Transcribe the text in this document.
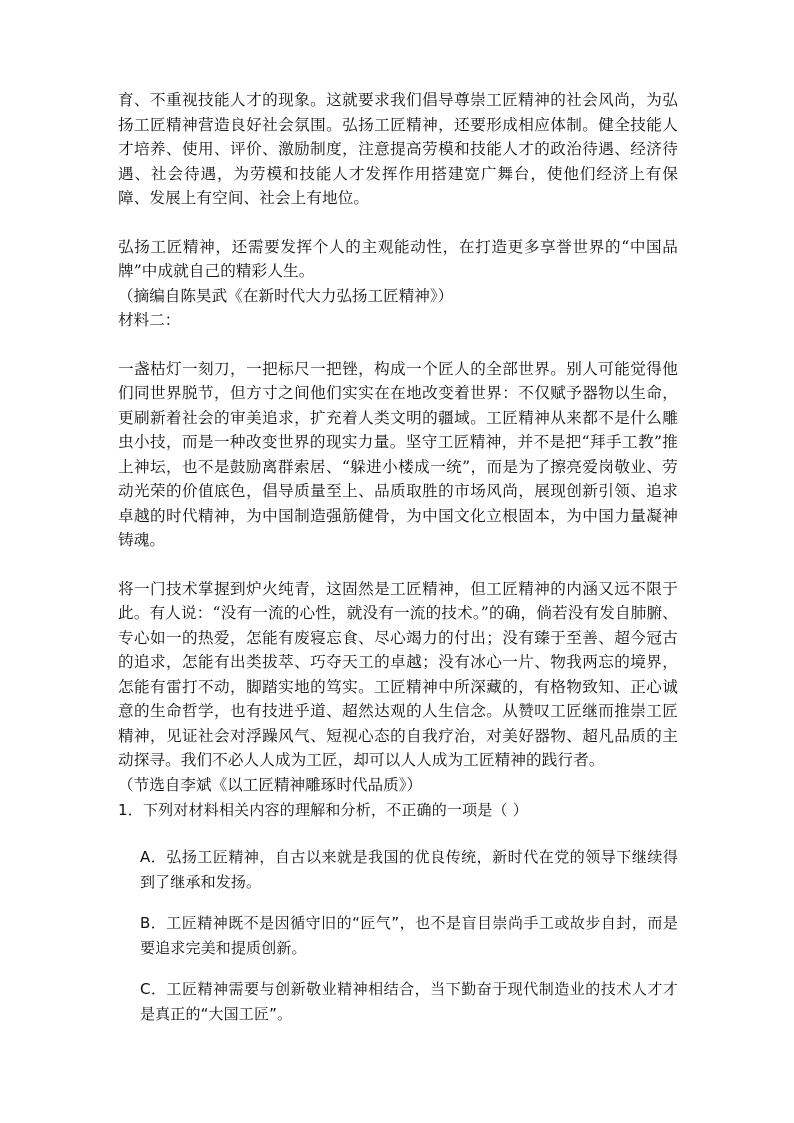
育、不重视技能人才的现象。这就要求我们倡导尊崇工匠精神的社会风尚，为弘扬工匠精神营造良好社会氛围。弘扬工匠精神，还要形成相应体制。健全技能人才培养、使用、评价、激励制度，注意提高劳模和技能人才的政治待遇、经济待遇、社会待遇，为劳模和技能人才发挥作用搭建宽广舞台，使他们经济上有保障、发展上有空间、社会上有地位。

弘扬工匠精神，还需要发挥个人的主观能动性，在打造更多享誉世界的“中国品牌”中成就自己的精彩人生。

（摘编自陈昊武《在新时代大力弘扬工匠精神》）

材料二：

一盏枯灯一刻刀，一把标尺一把锉，构成一个匠人的全部世界。别人可能觉得他们同世界脱节，但方寸之间他们实实在在地改变着世界：不仅赋予器物以生命，更刷新着社会的审美追求，扩充着人类文明的疆域。工匠精神从来都不是什么雕虫小技，而是一种改变世界的现实力量。坚守工匠精神，并不是把“拜手工教”推上神坛，也不是鼓励离群索居、“躲进小楼成一统”，而是为了擦亮爱岗敬业、劳动光荣的价值底色，倡导质量至上、品质取胜的市场风尚，展现创新引领、追求卓越的时代精神，为中国制造强筋健骨，为中国文化立根固本，为中国力量凝神铸魂。

将一门技术掌握到炉火纯青，这固然是工匠精神，但工匠精神的内涵又远不限于此。有人说：“没有一流的心性，就没有一流的技术。”的确，倘若没有发自肺腑、专心如一的热爱，怎能有废寝忘食、尽心竭力的付出；没有臻于至善、超今冠古的追求，怎能有出类拔萃、巧夺天工的卓越；没有冰心一片、物我两忘的境界，怎能有雷打不动，脚踏实地的笃实。工匠精神中所深藏的，有格物致知、正心诚意的生命哲学，也有技进乎道、超然达观的人生信念。从赞叹工匠继而推崇工匠精神，见证社会对浮躁风气、短视心态的自我疗治，对美好器物、超凡品质的主动探寻。我们不必人人成为工匠，却可以人人成为工匠精神的践行者。

（节选自李斌《以工匠精神雕琢时代品质》）

1．下列对材料相关内容的理解和分析，不正确的一项是（ ）

A．弘扬工匠精神，自古以来就是我国的优良传统，新时代在党的领导下继续得到了继承和发扬。

B．工匠精神既不是因循守旧的“匠气”，也不是盲目崇尚手工或故步自封，而是要追求完美和提质创新。

C．工匠精神需要与创新敬业精神相结合，当下勤奋于现代制造业的技术人才才是真正的“大国工匠”。
